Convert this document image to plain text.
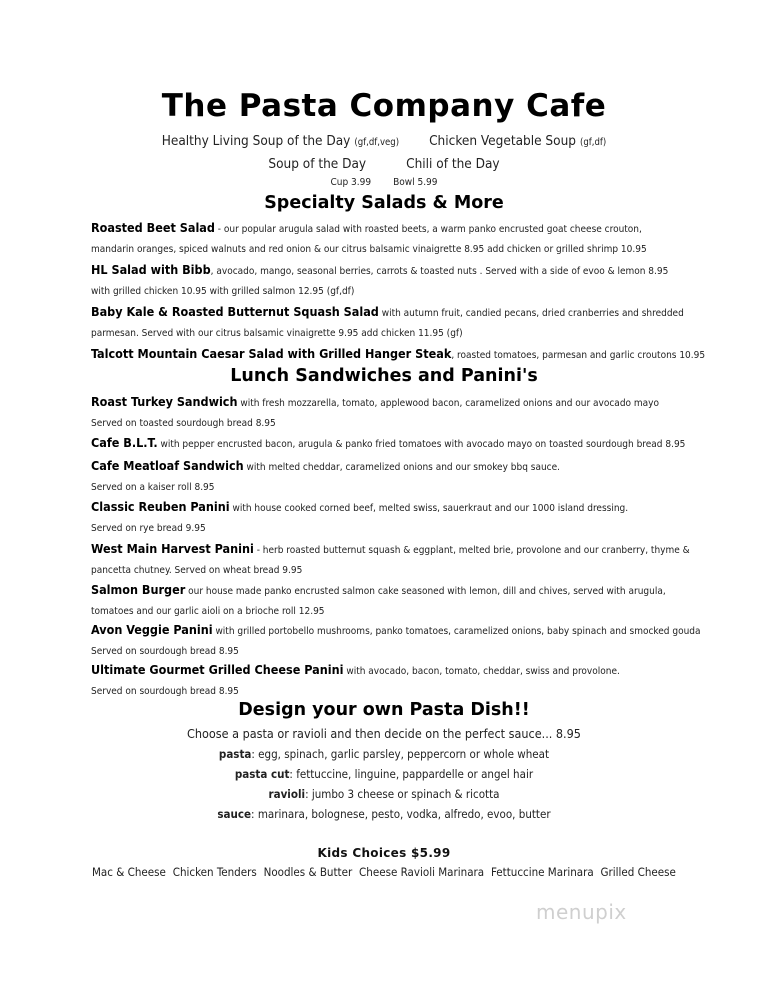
The Pasta Company Cafe
Healthy Living Soup of the Day (gf,df,veg) Chicken Vegetable Soup (gf,df)
Soup of the Day	Chili of the Day
Cup 3.99 Bowl 5.99
Specialty Salads & More
Roasted Beet Salad - our popular arugula salad with roasted beets, a warm panko encrusted goat cheese crouton,
mandarin oranges, spiced walnuts and red onion & our citrus balsamic vinaigrette 8.95 add chicken or grilled shrimp 10.95
HL Salad with Bibb, avocado, mango, seasonal berries, carrots & toasted nuts . Served with a side of evoo & lemon 8.95
with grilled chicken 10.95 with grilled salmon 12.95 (gf,df)
Baby Kale & Roasted Butternut Squash Salad with autumn fruit, candied pecans, dried cranberries and shredded
parmesan. Served with our citrus balsamic vinaigrette 9.95 add chicken 11.95 (gf)
Talcott Mountain Caesar Salad with Grilled Hanger Steak, roasted tomatoes, parmesan and garlic croutons 10.95
Lunch Sandwiches and Panini's
Roast Turkey Sandwich with fresh mozzarella, tomato, applewood bacon, caramelized onions and our avocado mayo
Served on toasted sourdough bread 8.95
Cafe B.L.T. with pepper encrusted bacon, arugula & panko fried tomatoes with avocado mayo on toasted sourdough bread 8.95
Cafe Meatloaf Sandwich with melted cheddar, caramelized onions and our smokey bbq sauce.
Served on a kaiser roll 8.95
Classic Reuben Panini with house cooked corned beef, melted swiss, sauerkraut and our 1000 island dressing.
Served on rye bread 9.95
West Main Harvest Panini - herb roasted butternut squash & eggplant, melted brie, provolone and our cranberry, thyme &
pancetta chutney. Served on wheat bread 9.95
Salmon Burger our house made panko encrusted salmon cake seasoned with lemon, dill and chives, served with arugula,
tomatoes and our garlic aioli on a brioche roll 12.95
Avon Veggie Panini with grilled portobello mushrooms, panko tomatoes, caramelized onions, baby spinach and smocked gouda
Served on sourdough bread 8.95
Ultimate Gourmet Grilled Cheese Panini with avocado, bacon, tomato, cheddar, swiss and provolone.
Served on sourdough bread 8.95
Design your own Pasta Dish!!
Choose a pasta or ravioli and then decide on the perfect sauce... 8.95
pasta: egg, spinach, garlic parsley, peppercorn or whole wheat
pasta cut: fettuccine, linguine, pappardelle or angel hair
ravioli: jumbo 3 cheese or spinach & ricotta
sauce: marinara, bolognese, pesto, vodka, alfredo, evoo, butter
Kids Choices $5.99
Mac & Cheese Chicken Tenders Noodles & Butter Cheese Ravioli Marinara Fettuccine Marinara Grilled Cheese
menupix
